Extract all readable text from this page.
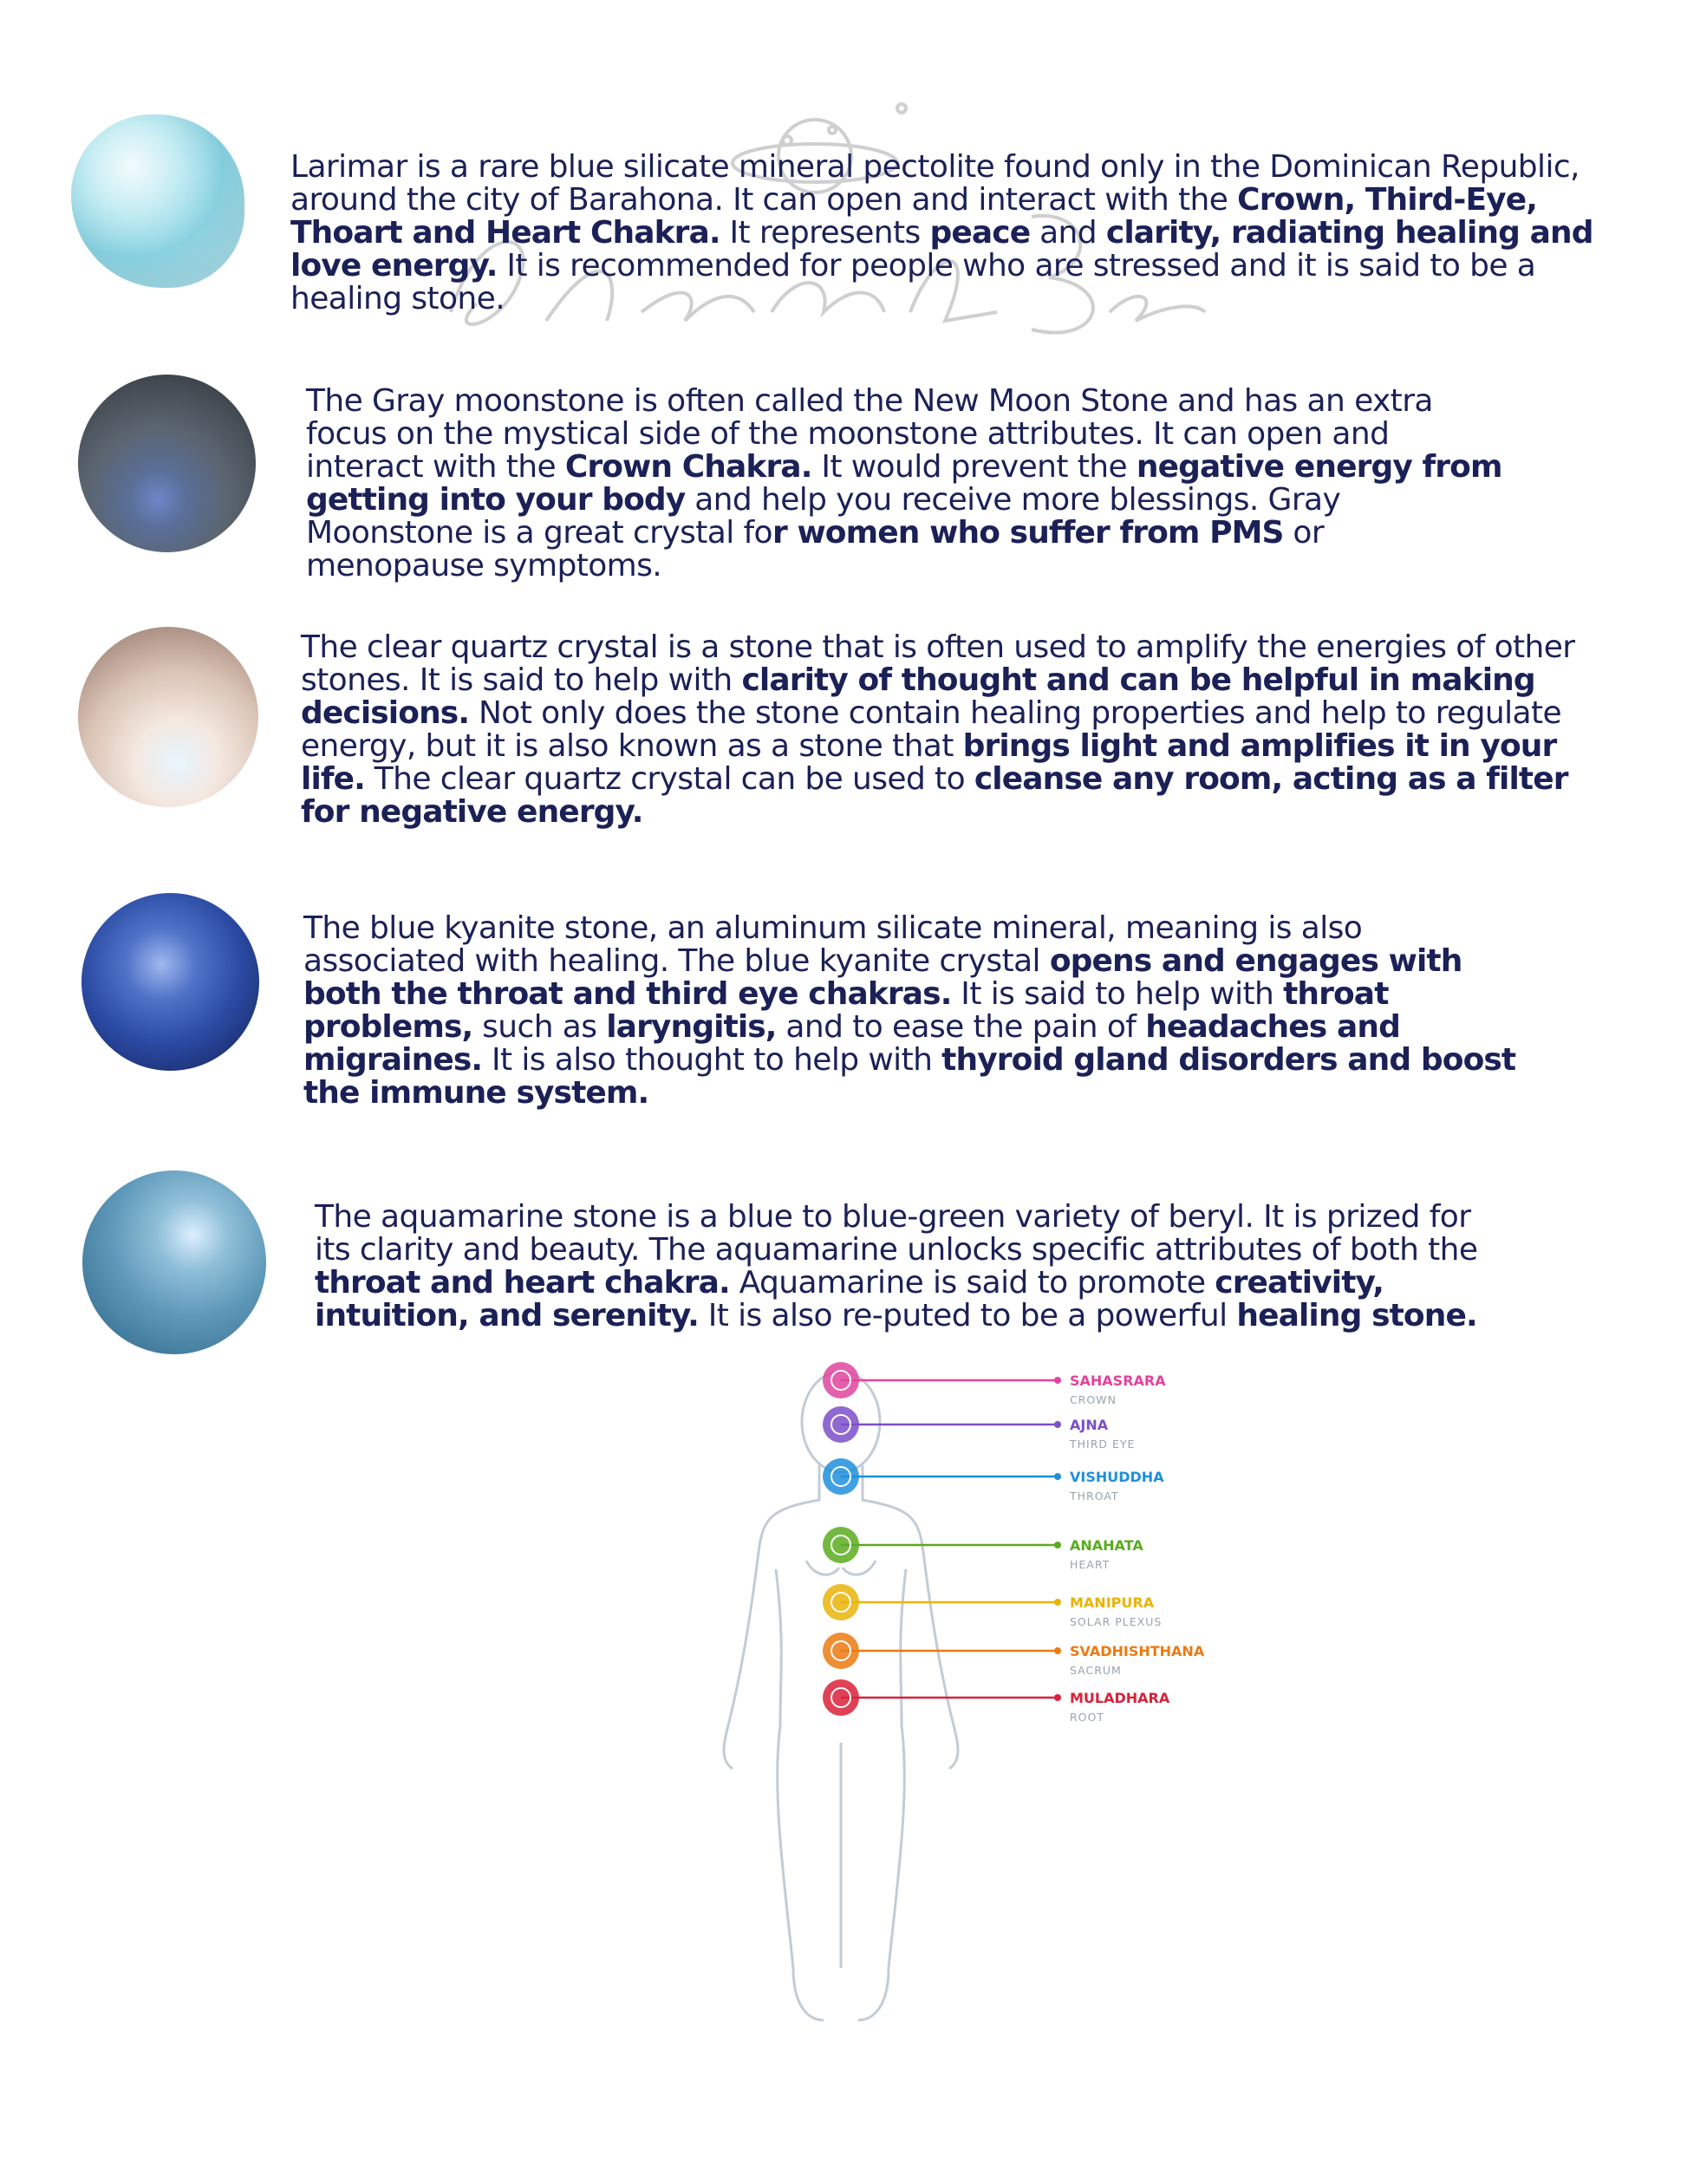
Larimar is a rare blue silicate mineral pectolite found only in the Dominican Republic, around the city of Barahona. It can open and interact with the Crown, Third-Eye, Thoart and Heart Chakra. It represents peace and clarity, radiating healing and love energy. It is recommended for people who are stressed and it is said to be a healing stone.
The Gray moonstone is often called the New Moon Stone and has an extra focus on the mystical side of the moonstone attributes. It can open and interact with the Crown Chakra. It would prevent the negative energy from getting into your body and help you receive more blessings. Gray Moonstone is a great crystal for women who suffer from PMS or menopause symptoms.
The clear quartz crystal is a stone that is often used to amplify the energies of other stones. It is said to help with clarity of thought and can be helpful in making decisions. Not only does the stone contain healing properties and help to regulate energy, but it is also known as a stone that brings light and amplifies it in your life. The clear quartz crystal can be used to cleanse any room, acting as a filter for negative energy.
The blue kyanite stone, an aluminum silicate mineral, meaning is also associated with healing. The blue kyanite crystal opens and engages with both the throat and third eye chakras. It is said to help with throat problems, such as laryngitis, and to ease the pain of headaches and migraines. It is also thought to help with thyroid gland disorders and boost the immune system.
The aquamarine stone is a blue to blue-green variety of beryl. It is prized for its clarity and beauty. The aquamarine unlocks specific attributes of both the throat and heart chakra. Aquamarine is said to promote creativity, intuition, and serenity. It is also re-puted to be a powerful healing stone.
SAHASRARA
CROWN
AJNA
THIRD EYE
VISHUDDHA
THROAT
ANAHATA
HEART
MANIPURA
SOLAR PLEXUS
SVADHISHTHANA
SACRUM
MULADHARA
ROOT
